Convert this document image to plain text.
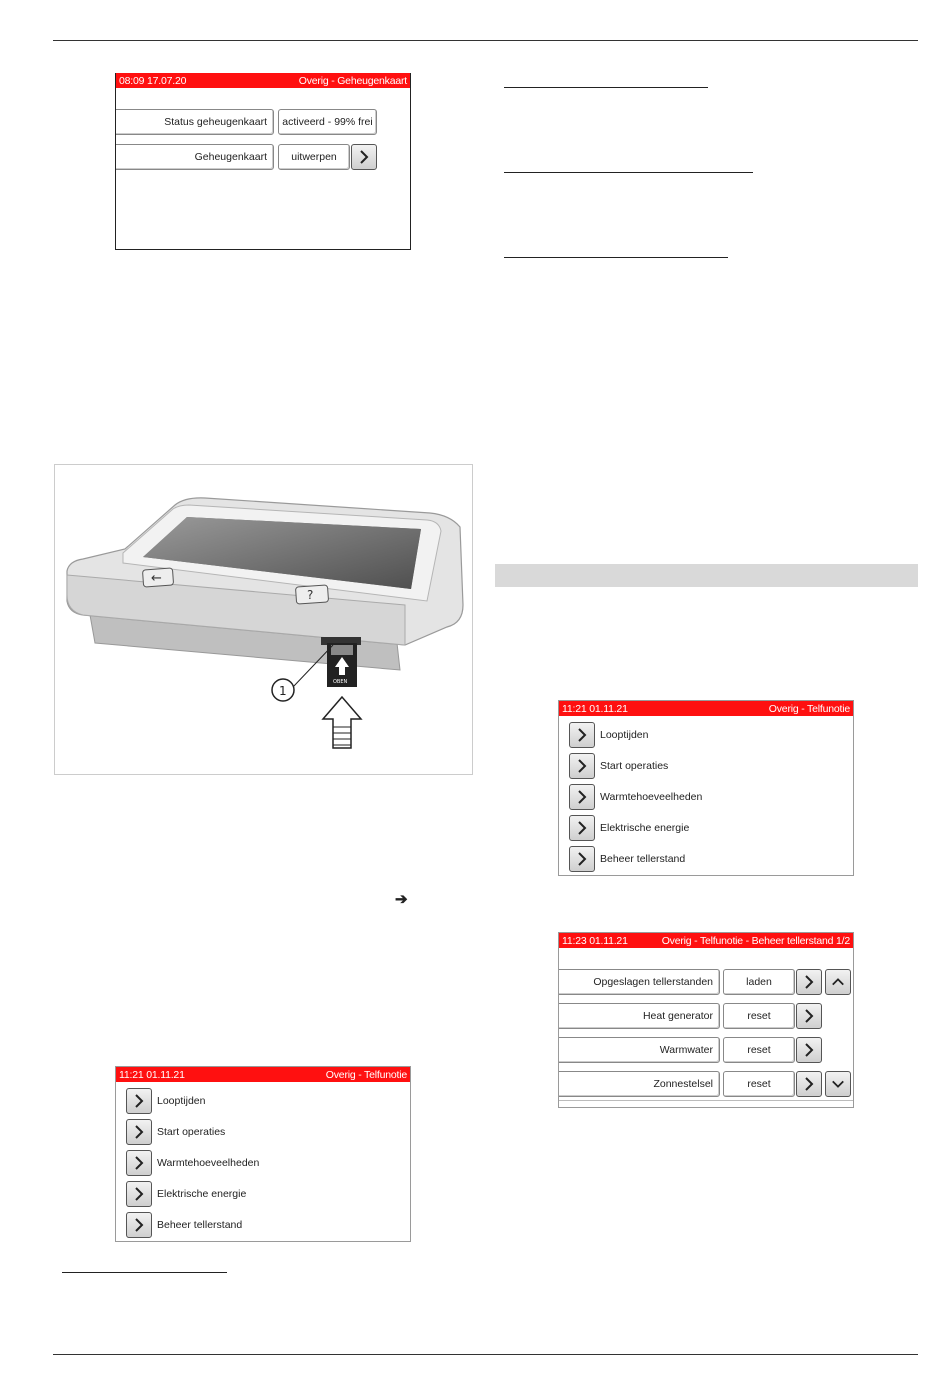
08:09 17.07.20	Overig - Geheugenkaart
Status geheugenkaart activeerd - 99% frei
Geheugenkaart uitwerpen
←
?
OBEN
1
➔
11:21 01.11.21	Overig - Telfunotie
Looptijden
Start operaties
Warmtehoeveelheden
Elektrische energie
Beheer tellerstand
11:21 01.11.21	Overig - Telfunotie
Looptijden
Start operaties
Warmtehoeveelheden
Elektrische energie
Beheer tellerstand
11:23 01.11.21	Overig - Telfunotie - Beheer tellerstand 1/2
Opgeslagen tellerstanden	laden
Heat generator	reset
Warmwater	reset
Zonnestelsel	reset
